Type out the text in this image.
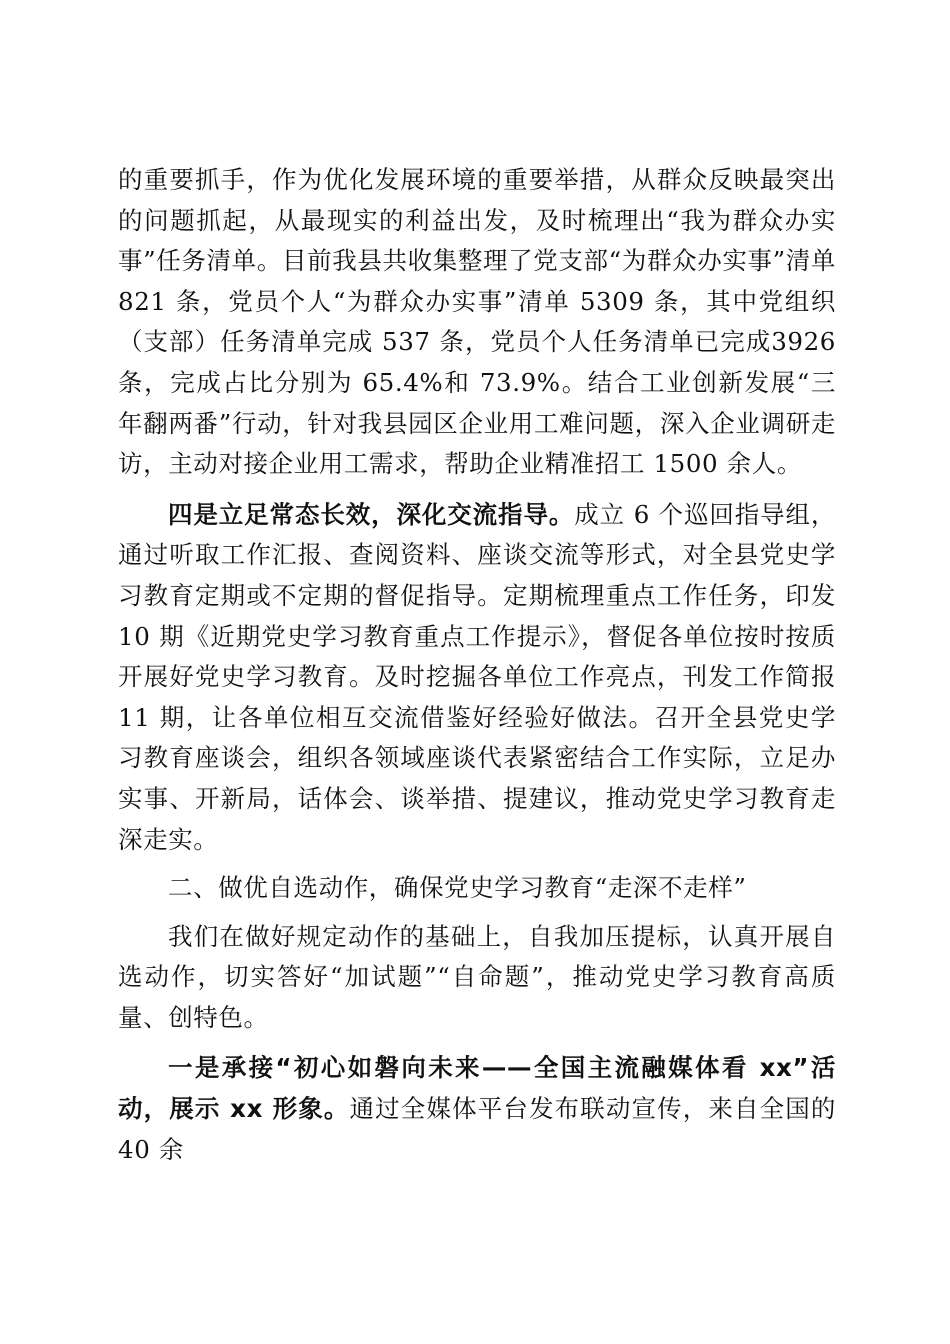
的重要抓手，作为优化发展环境的重要举措，从群众反映最突出的问题抓起，从最现实的利益出发，及时梳理出“我为群众办实事”任务清单。目前我县共收集整理了党支部“为群众办实事”清单 821 条，党员个人“为群众办实事”清单 5309 条，其中党组织（支部）任务清单完成 537 条，党员个人任务清单已完成3926 条，完成占比分别为 65.4%和 73.9%。结合工业创新发展“三年翻两番”行动，针对我县园区企业用工难问题，深入企业调研走访，主动对接企业用工需求，帮助企业精准招工 1500 余人。

四是立足常态长效，深化交流指导。成立 6 个巡回指导组，通过听取工作汇报、查阅资料、座谈交流等形式，对全县党史学习教育定期或不定期的督促指导。定期梳理重点工作任务，印发10 期《近期党史学习教育重点工作提示》，督促各单位按时按质开展好党史学习教育。及时挖掘各单位工作亮点，刊发工作简报 11 期，让各单位相互交流借鉴好经验好做法。召开全县党史学习教育座谈会，组织各领域座谈代表紧密结合工作实际，立足办实事、开新局，话体会、谈举措、提建议，推动党史学习教育走深走实。

二、做优自选动作，确保党史学习教育“走深不走样”

我们在做好规定动作的基础上，自我加压提标，认真开展自选动作，切实答好“加试题”“自命题”，推动党史学习教育高质量、创特色。

一是承接“初心如磐向未来——全国主流融媒体看 xx”活动，展示 xx 形象。通过全媒体平台发布联动宣传，来自全国的 40 余
